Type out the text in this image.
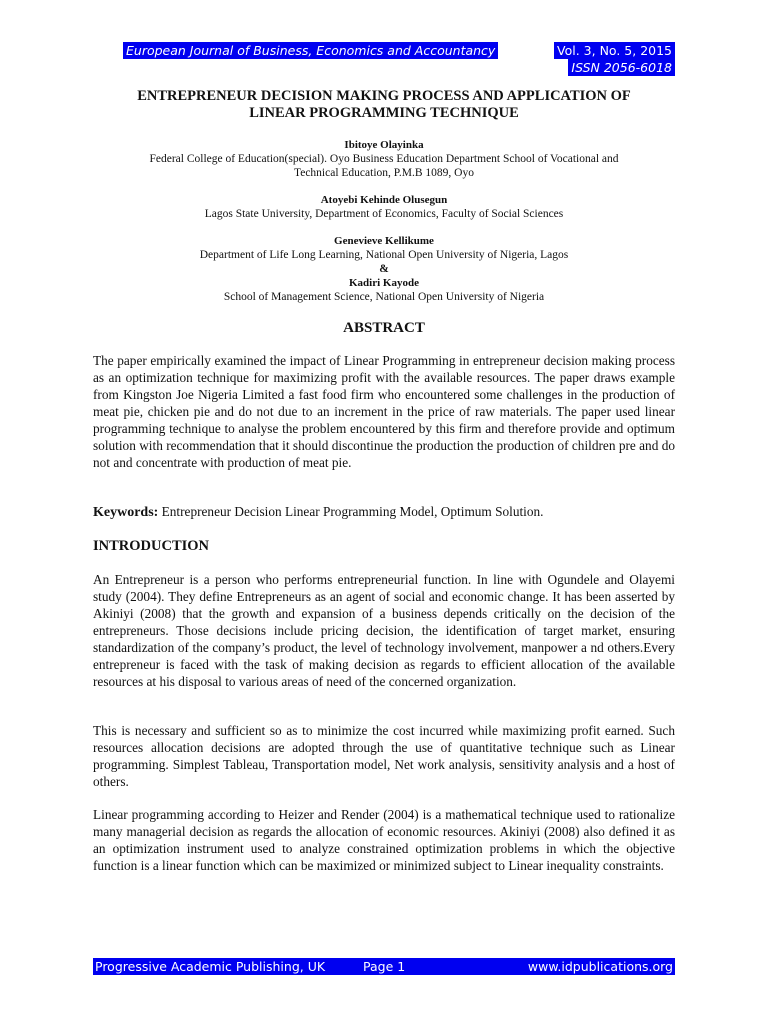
European Journal of Business, Economics and Accountancy	Vol. 3, No. 5, 2015
ISSN 2056-6018
ENTREPRENEUR DECISION MAKING PROCESS AND APPLICATION OF
LINEAR PROGRAMMING TECHNIQUE
Ibitoye Olayinka
Federal College of Education(special). Oyo Business Education Department School of Vocational and
Technical Education, P.M.B 1089, Oyo
Atoyebi Kehinde Olusegun
Lagos State University, Department of Economics, Faculty of Social Sciences
Genevieve Kellikume
Department of Life Long Learning, National Open University of Nigeria, Lagos
&
Kadiri Kayode
School of Management Science, National Open University of Nigeria
ABSTRACT

The paper empirically examined the impact of Linear Programming in entrepreneur decision making process as an optimization technique for maximizing profit with the available resources. The paper draws example from Kingston Joe Nigeria Limited a fast food firm who encountered some challenges in the production of meat pie, chicken pie and do not due to an increment in the price of raw materials. The paper used linear programming technique to analyse the problem encountered by this firm and therefore provide and optimum solution with recommendation that it should discontinue the production the production of children pre and do not and concentrate with production of meat pie.

Keywords: Entrepreneur Decision Linear Programming Model, Optimum Solution.

INTRODUCTION

An Entrepreneur is a person who performs entrepreneurial function. In line with Ogundele and Olayemi study (2004). They define Entrepreneurs as an agent of social and economic change. It has been asserted by Akiniyi (2008) that the growth and expansion of a business depends critically on the decision of the entrepreneurs. Those decisions include pricing decision, the identification of target market, ensuring standardization of the company’s product, the level of technology involvement, manpower a nd others.Every entrepreneur is faced with the task of making decision as regards to efficient allocation of the available resources at his disposal to various areas of need of the concerned organization.

This is necessary and sufficient so as to minimize the cost incurred while maximizing profit earned. Such resources allocation decisions are adopted through the use of quantitative technique such as Linear programming. Simplest Tableau, Transportation model, Net work analysis, sensitivity analysis and a host of others.

Linear programming according to Heizer and Render (2004) is a mathematical technique used to rationalize many managerial decision as regards the allocation of economic resources. Akiniyi (2008) also defined it as an optimization instrument used to analyze constrained optimization problems in which the objective function is a linear function which can be maximized or minimized subject to Linear inequality constraints.

Progressive Academic Publishing, UK	Page 1	www.idpublications.org
